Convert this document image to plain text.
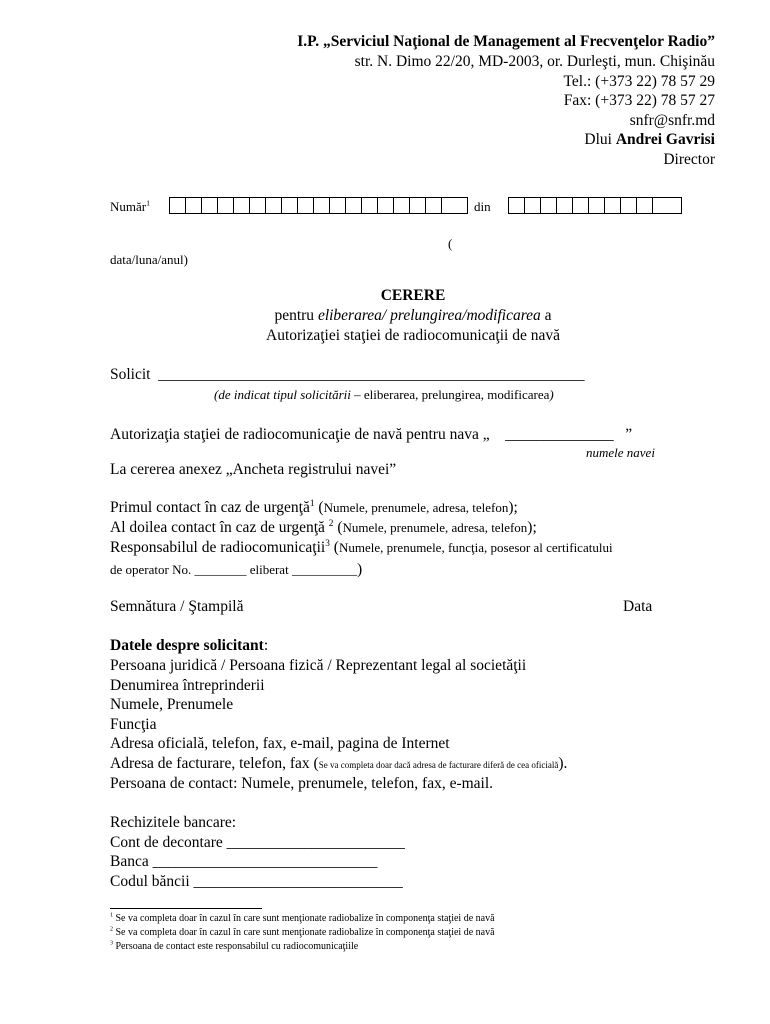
I.P. „Serviciul Naţional de Management al Frecvenţelor Radio”
str. N. Dimo 22/20, MD-2003, or. Durleşti, mun. Chişinău
Tel.: (+373 22) 78 57 29
Fax: (+373 22) 78 57 27
snfr@snfr.md
Dlui Andrei Gavrisi
Director
Număr$^1$	din
(
data/luna/anul)
CERERE
pentru eliberarea/ prelungirea/modificarea a
Autorizaţiei staţiei de radiocomunicaţii de navă
Solicit _______________________________________________________
(de indicat tipul solicitării – eliberarea, prelungirea, modificarea)
Autorizaţia staţiei de radiocomunicaţie de navă pentru nava „ ______________ ”
numele navei
La cererea anexez „Ancheta registrului navei”
Primul contact în caz de urgenţă$^1$ (Numele, prenumele, adresa, telefon);
Al doilea contact în caz de urgenţă $^2$ (Numele, prenumele, adresa, telefon);
Responsabilul de radiocomunicaţii$^3$ (Numele, prenumele, funcţia, posesor al certificatului
de operator No. ________ eliberat __________)
Semnătura / Ştampilă	Data
Datele despre solicitant:
Persoana juridică / Persoana fizică / Reprezentant legal al societăţii
Denumirea întreprinderii
Numele, Prenumele
Funcţia
Adresa oficială, telefon, fax, e-mail, pagina de Internet
Adresa de facturare, telefon, fax (Se va completa doar dacă adresa de facturare diferă de cea oficială).
Persoana de contact: Numele, prenumele, telefon, fax, e-mail.
Rechizitele bancare:
Cont de decontare _______________________
Banca _____________________________
Codul băncii ___________________________
$^1$ Se va completa doar în cazul în care sunt menţionate radiobalize în componenţa staţiei de navă
$^2$ Se va completa doar în cazul în care sunt menţionate radiobalize în componenţa staţiei de navă
$^3$ Persoana de contact este responsabilul cu radiocomunicaţiile
